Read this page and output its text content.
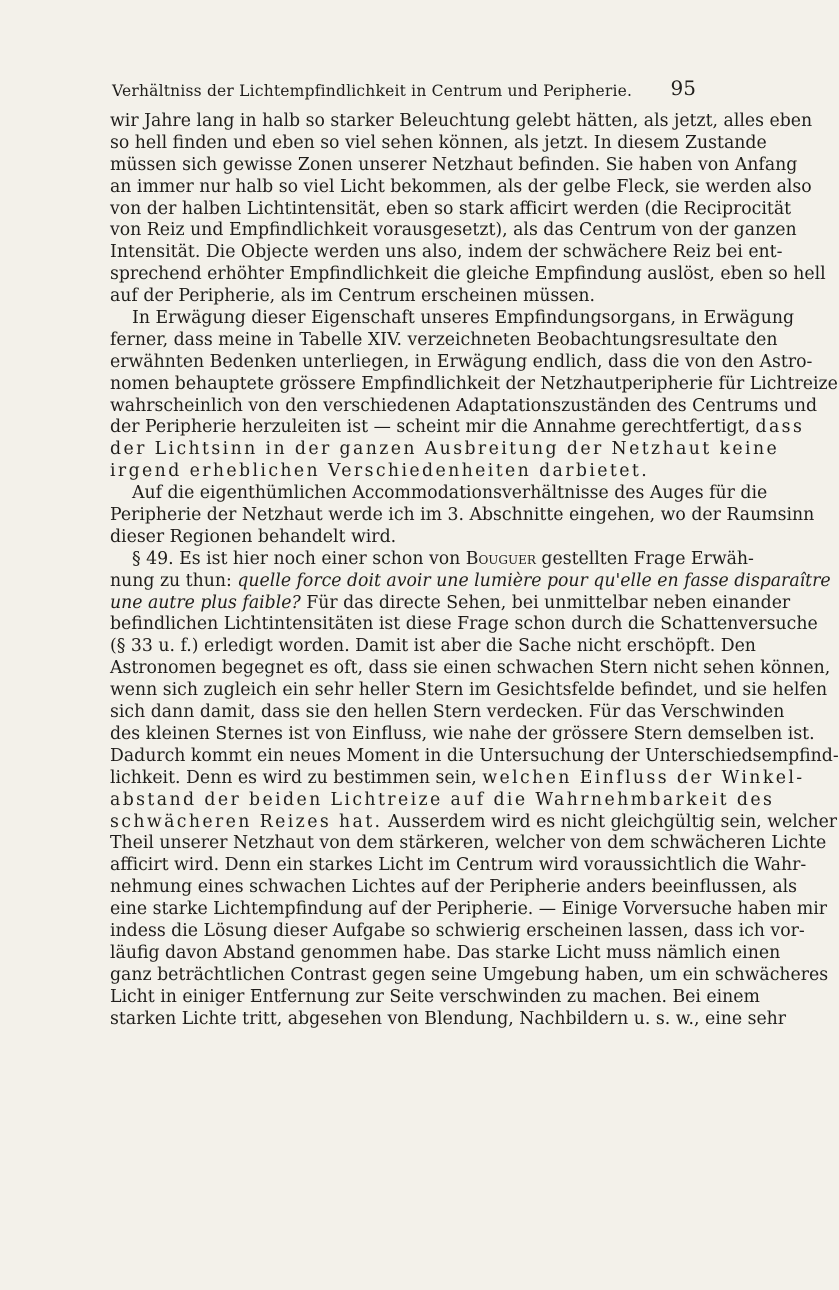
Verhältniss der Lichtempfindlichkeit in Centrum und Peripherie. 95
wir Jahre lang in halb so starker Beleuchtung gelebt hätten, als jetzt, alles eben
so hell finden und eben so viel sehen können, als jetzt. In diesem Zustande
müssen sich gewisse Zonen unserer Netzhaut befinden. Sie haben von Anfang
an immer nur halb so viel Licht bekommen, als der gelbe Fleck, sie werden also
von der halben Lichtintensität, eben so stark afficirt werden (die Reciprocität
von Reiz und Empfindlichkeit vorausgesetzt), als das Centrum von der ganzen
Intensität. Die Objecte werden uns also, indem der schwächere Reiz bei ent-
sprechend erhöhter Empfindlichkeit die gleiche Empfindung auslöst, eben so hell
auf der Peripherie, als im Centrum erscheinen müssen.
In Erwägung dieser Eigenschaft unseres Empfindungsorgans, in Erwägung
ferner, dass meine in Tabelle XIV. verzeichneten Beobachtungsresultate den
erwähnten Bedenken unterliegen, in Erwägung endlich, dass die von den Astro-
nomen behauptete grössere Empfindlichkeit der Netzhautperipherie für Lichtreize
wahrscheinlich von den verschiedenen Adaptationszuständen des Centrums und
der Peripherie herzuleiten ist — scheint mir die Annahme gerechtfertigt, dass
der Lichtsinn in der ganzen Ausbreitung der Netzhaut keine
irgend erheblichen Verschiedenheiten darbietet.
Auf die eigenthümlichen Accommodationsverhältnisse des Auges für die
Peripherie der Netzhaut werde ich im 3. Abschnitte eingehen, wo der Raumsinn
dieser Regionen behandelt wird.
§ 49. Es ist hier noch einer schon von Bouguer gestellten Frage Erwäh-
nung zu thun: quelle force doit avoir une lumière pour qu'elle en fasse disparaître
une autre plus faible? Für das directe Sehen, bei unmittelbar neben einander
befindlichen Lichtintensitäten ist diese Frage schon durch die Schattenversuche
(§ 33 u. f.) erledigt worden. Damit ist aber die Sache nicht erschöpft. Den
Astronomen begegnet es oft, dass sie einen schwachen Stern nicht sehen können,
wenn sich zugleich ein sehr heller Stern im Gesichtsfelde befindet, und sie helfen
sich dann damit, dass sie den hellen Stern verdecken. Für das Verschwinden
des kleinen Sternes ist von Einfluss, wie nahe der grössere Stern demselben ist.
Dadurch kommt ein neues Moment in die Untersuchung der Unterschiedsempfind-
lichkeit. Denn es wird zu bestimmen sein, welchen Einfluss der Winkel-
abstand der beiden Lichtreize auf die Wahrnehmbarkeit des
schwächeren Reizes hat. Ausserdem wird es nicht gleichgültig sein, welcher
Theil unserer Netzhaut von dem stärkeren, welcher von dem schwächeren Lichte
afficirt wird. Denn ein starkes Licht im Centrum wird voraussichtlich die Wahr-
nehmung eines schwachen Lichtes auf der Peripherie anders beeinflussen, als
eine starke Lichtempfindung auf der Peripherie. — Einige Vorversuche haben mir
indess die Lösung dieser Aufgabe so schwierig erscheinen lassen, dass ich vor-
läufig davon Abstand genommen habe. Das starke Licht muss nämlich einen
ganz beträchtlichen Contrast gegen seine Umgebung haben, um ein schwächeres
Licht in einiger Entfernung zur Seite verschwinden zu machen. Bei einem
starken Lichte tritt, abgesehen von Blendung, Nachbildern u. s. w., eine sehr
